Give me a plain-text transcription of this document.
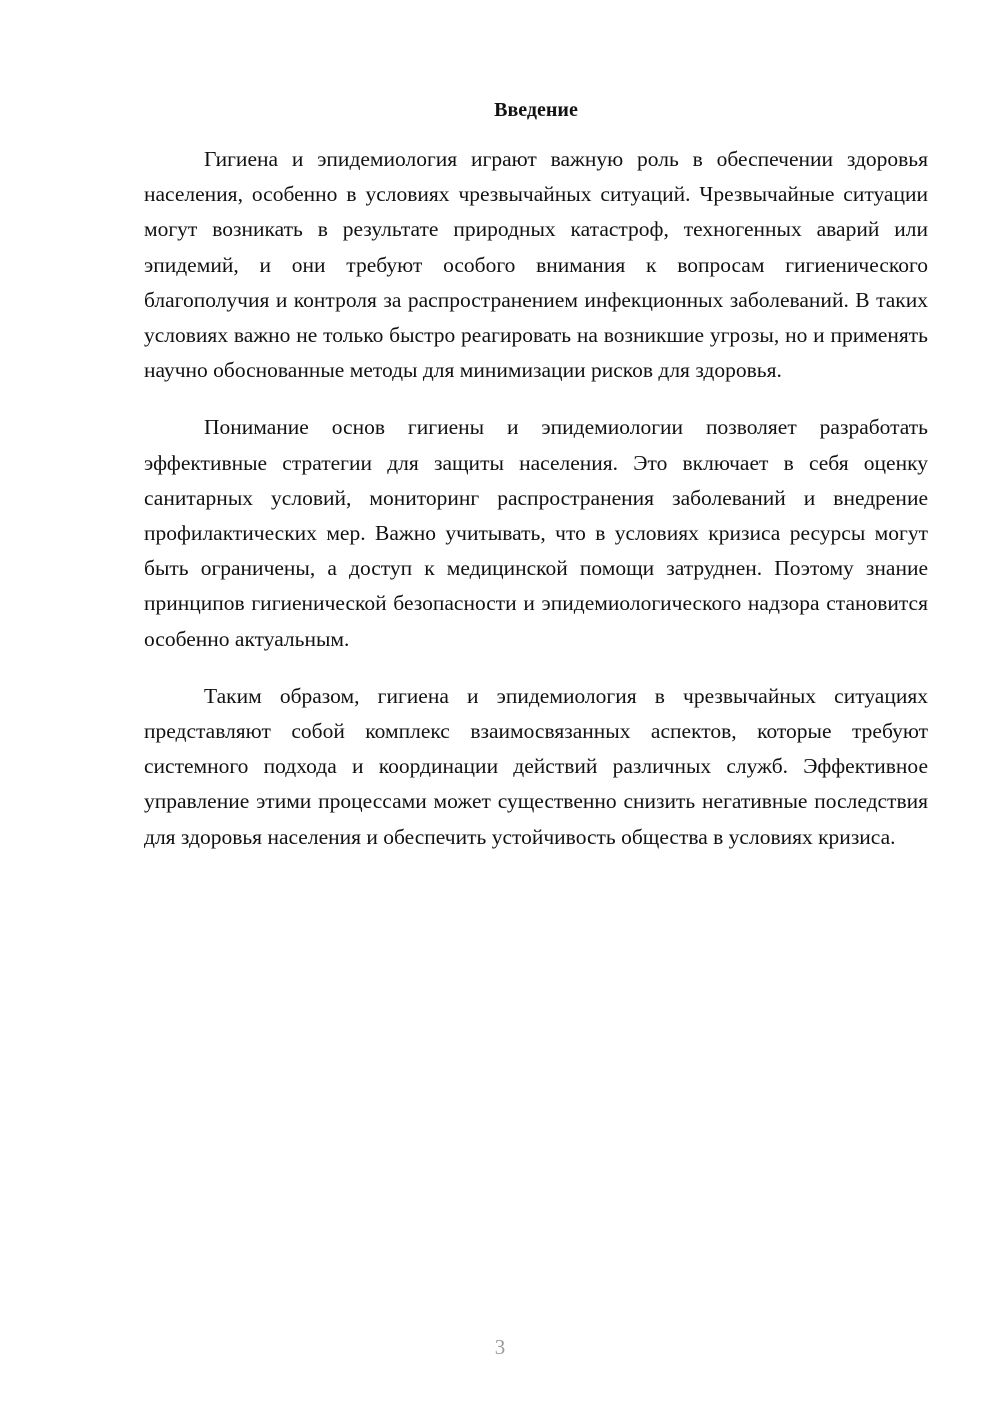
Введение

Гигиена и эпидемиология играют важную роль в обеспечении здоровья населения, особенно в условиях чрезвычайных ситуаций. Чрезвычайные ситуации могут возникать в результате природных катастроф, техногенных аварий или эпидемий, и они требуют особого внимания к вопросам гигиенического благополучия и контроля за распространением инфекционных заболеваний. В таких условиях важно не только быстро реагировать на возникшие угрозы, но и применять научно обоснованные методы для минимизации рисков для здоровья.

Понимание основ гигиены и эпидемиологии позволяет разработать эффективные стратегии для защиты населения. Это включает в себя оценку санитарных условий, мониторинг распространения заболеваний и внедрение профилактических мер. Важно учитывать, что в условиях кризиса ресурсы могут быть ограничены, а доступ к медицинской помощи затруднен. Поэтому знание принципов гигиенической безопасности и эпидемиологического надзора становится особенно актуальным.

Таким образом, гигиена и эпидемиология в чрезвычайных ситуациях представляют собой комплекс взаимосвязанных аспектов, которые требуют системного подхода и координации действий различных служб. Эффективное управление этими процессами может существенно снизить негативные последствия для здоровья населения и обеспечить устойчивость общества в условиях кризиса.

3
